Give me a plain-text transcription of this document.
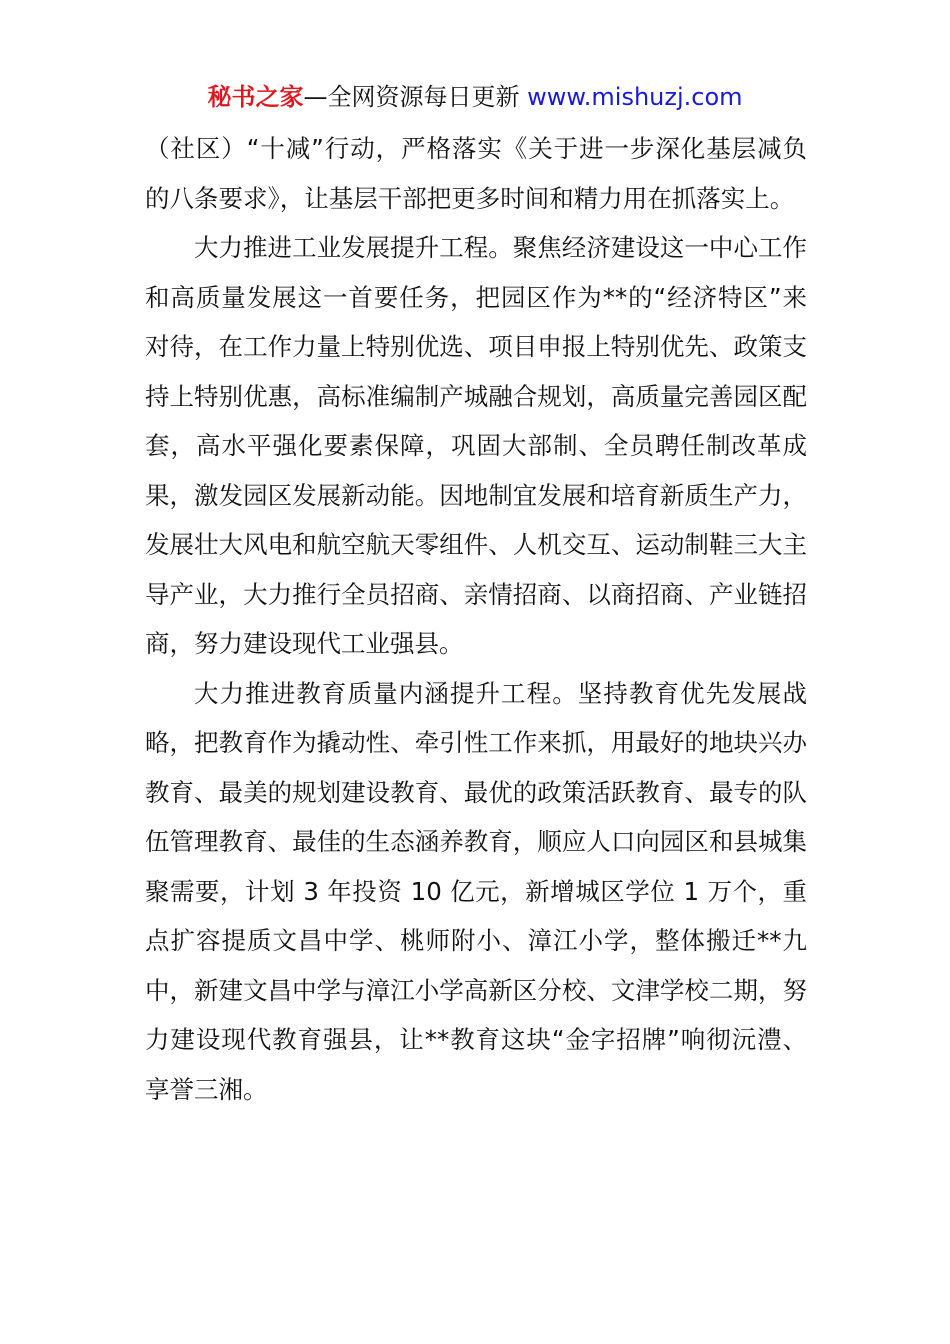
秘书之家—全网资源每日更新 www.mishuzj.com

（社区）“十减”行动，严格落实《关于进一步深化基层减负的八条要求》，让基层干部把更多时间和精力用在抓落实上。

大力推进工业发展提升工程。聚焦经济建设这一中心工作和高质量发展这一首要任务，把园区作为**的“经济特区”来对待，在工作力量上特别优选、项目申报上特别优先、政策支持上特别优惠，高标准编制产城融合规划，高质量完善园区配套，高水平强化要素保障，巩固大部制、全员聘任制改革成果，激发园区发展新动能。因地制宜发展和培育新质生产力，发展壮大风电和航空航天零组件、人机交互、运动制鞋三大主导产业，大力推行全员招商、亲情招商、以商招商、产业链招商，努力建设现代工业强县。

大力推进教育质量内涵提升工程。坚持教育优先发展战略，把教育作为撬动性、牵引性工作来抓，用最好的地块兴办教育、最美的规划建设教育、最优的政策活跃教育、最专的队伍管理教育、最佳的生态涵养教育，顺应人口向园区和县城集聚需要，计划 3 年投资 10 亿元，新增城区学位 1 万个，重点扩容提质文昌中学、桃师附小、漳江小学，整体搬迁**九中，新建文昌中学与漳江小学高新区分校、文津学校二期，努力建设现代教育强县，让**教育这块“金字招牌”响彻沅澧、享誉三湘。
